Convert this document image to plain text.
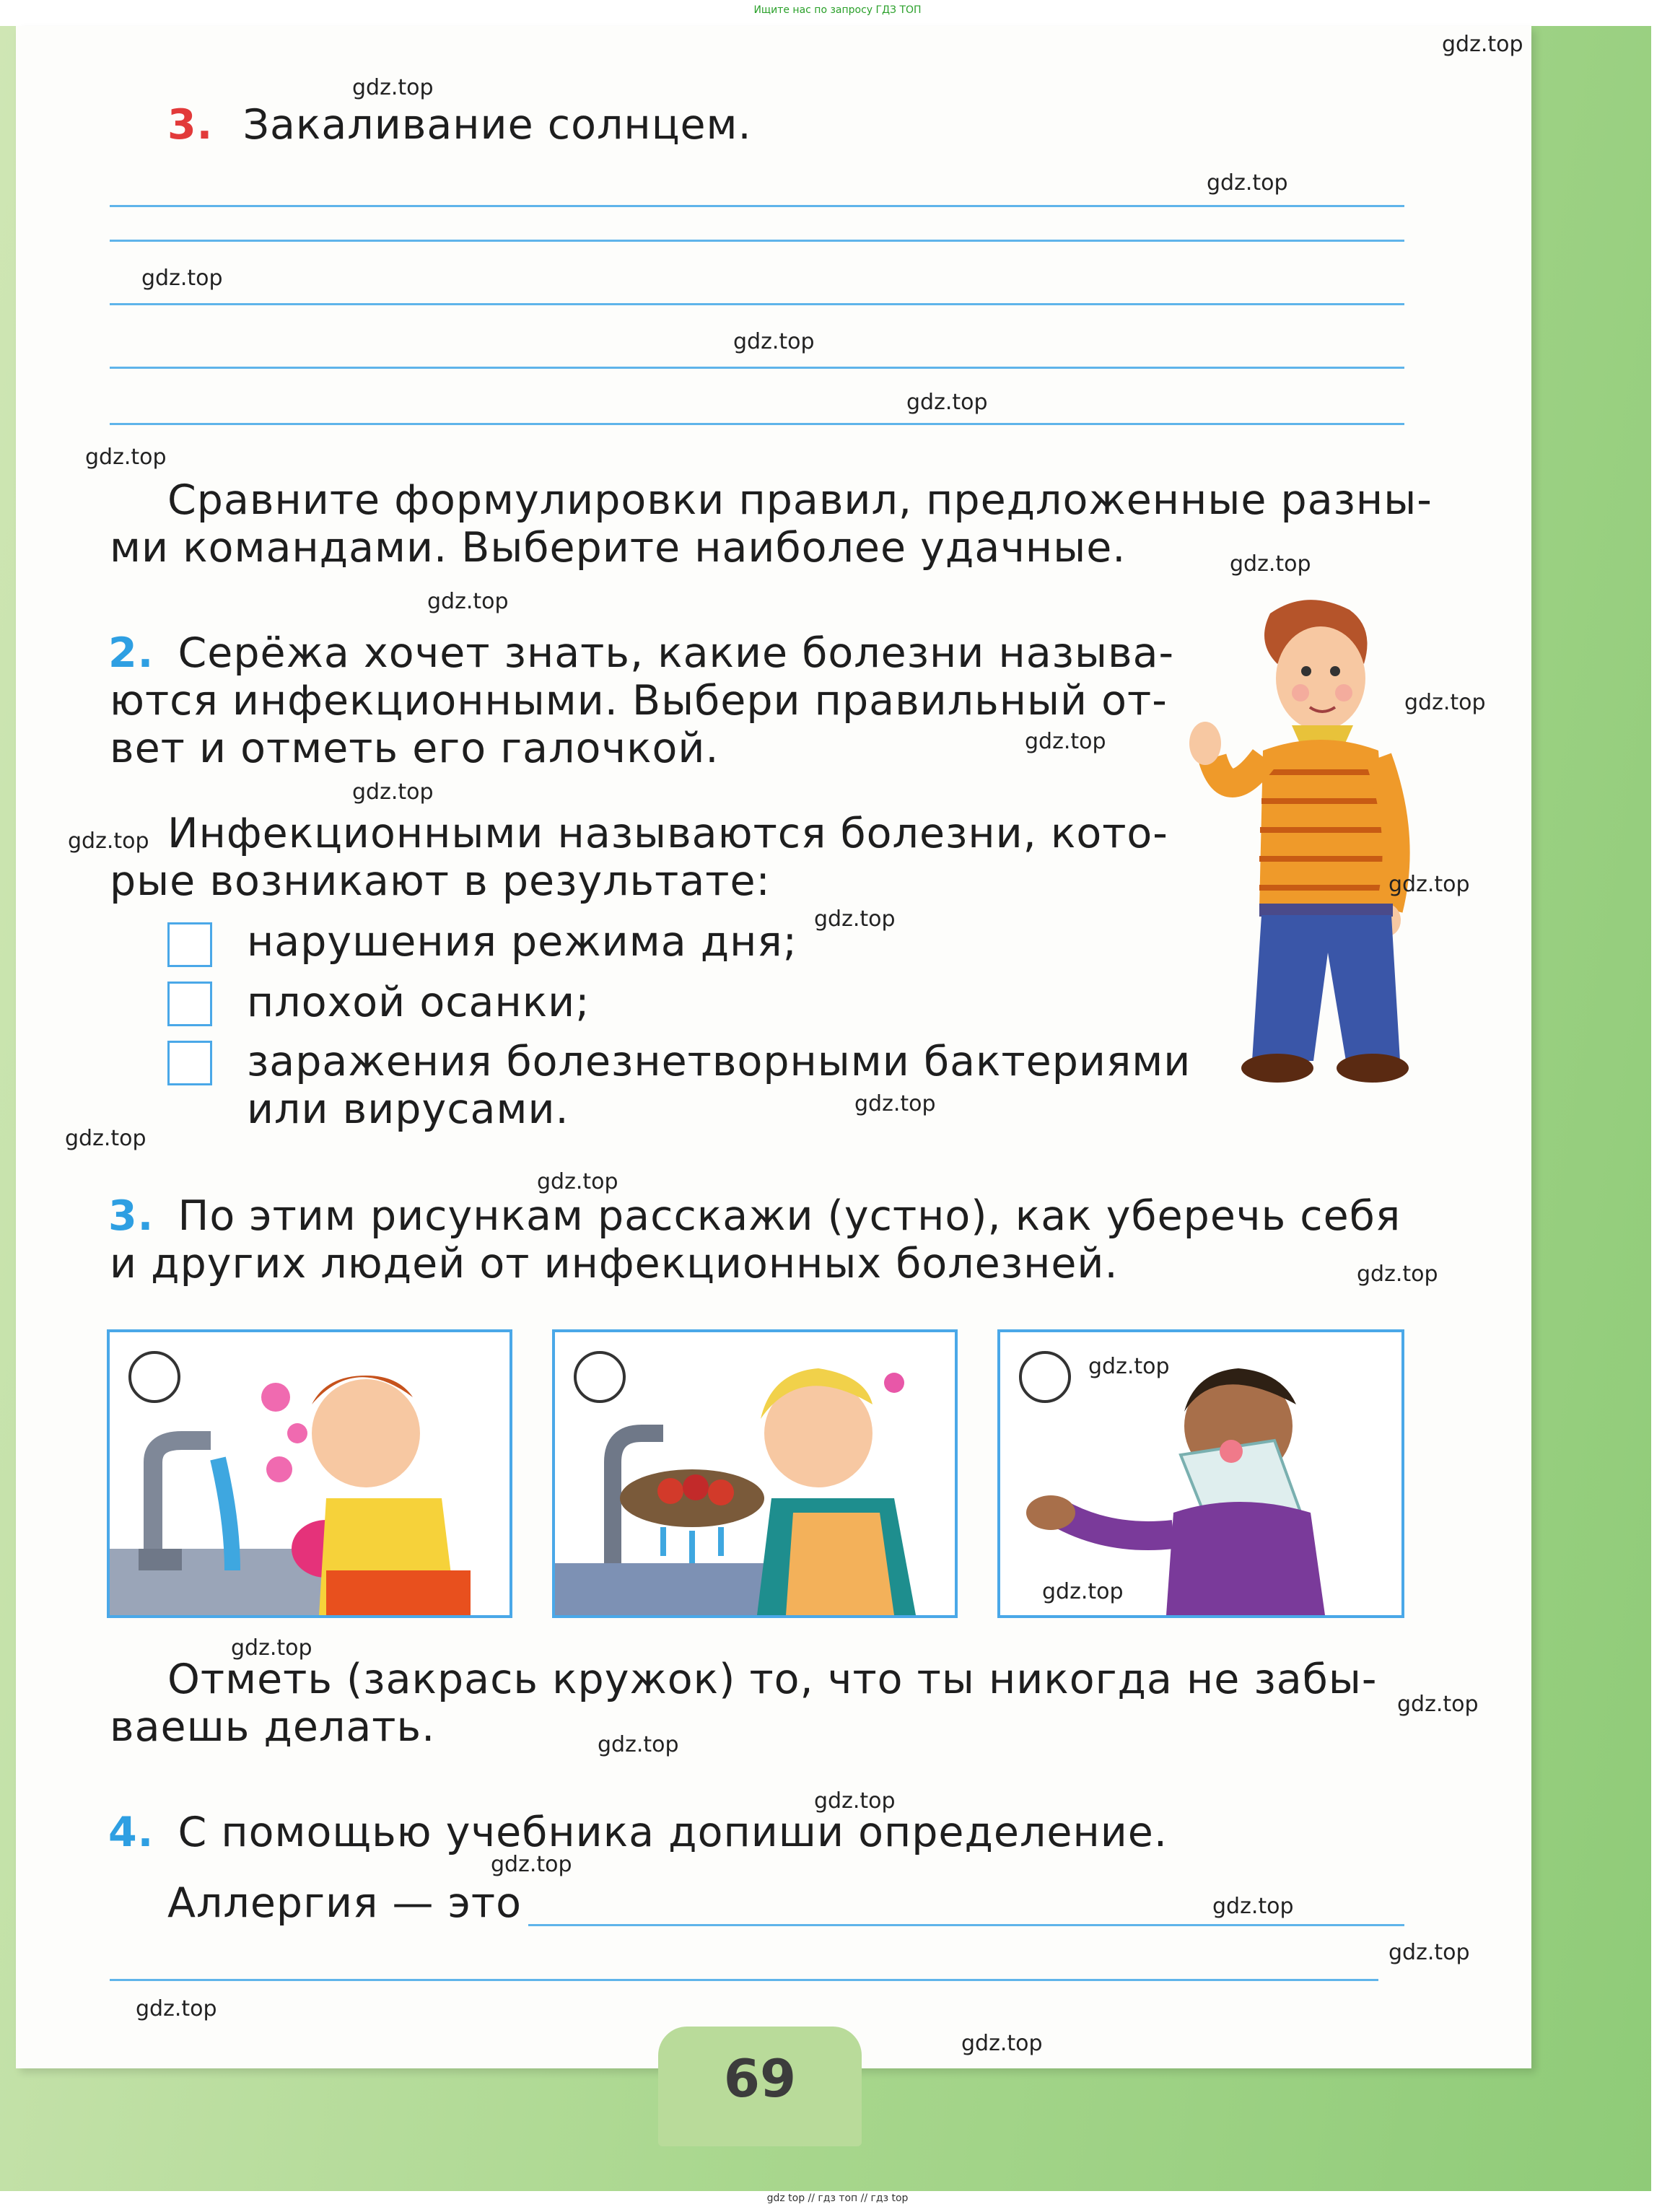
Ищите нас по запросу ГДЗ ТОП
3. Закаливание солнцем.
Сравните формулировки правил, предложенные разны-
ми командами. Выберите наиболее удачные.
2. Серёжа хочет знать, какие болезни называ-
ются инфекционными. Выбери правильный от-
вет и отметь его галочкой.
Инфекционными называются болезни, кото-
рые возникают в результате:
нарушения режима дня;
плохой осанки;
заражения болезнетворными бактериями
или вирусами.
3. По этим рисункам расскажи (устно), как уберечь себя
и других людей от инфекционных болезней.
Отметь (закрась кружок) то, что ты никогда не забы-
ваешь делать.
4. С помощью учебника допиши определение.
Аллергия — это
69
gdz.top
gdz.top
gdz.top
gdz.top
gdz.top
gdz.top
gdz.top
gdz.top
gdz.top
gdz.top
gdz.top
gdz.top
gdz.top
gdz.top
gdz.top
gdz.top
gdz.top
gdz.top
gdz.top
gdz.top
gdz.top
gdz.top
gdz.top
gdz.top
gdz.top
gdz.top
gdz.top
gdz.top
gdz.top
gdz.top
gdz top // гдз топ // гдз top
